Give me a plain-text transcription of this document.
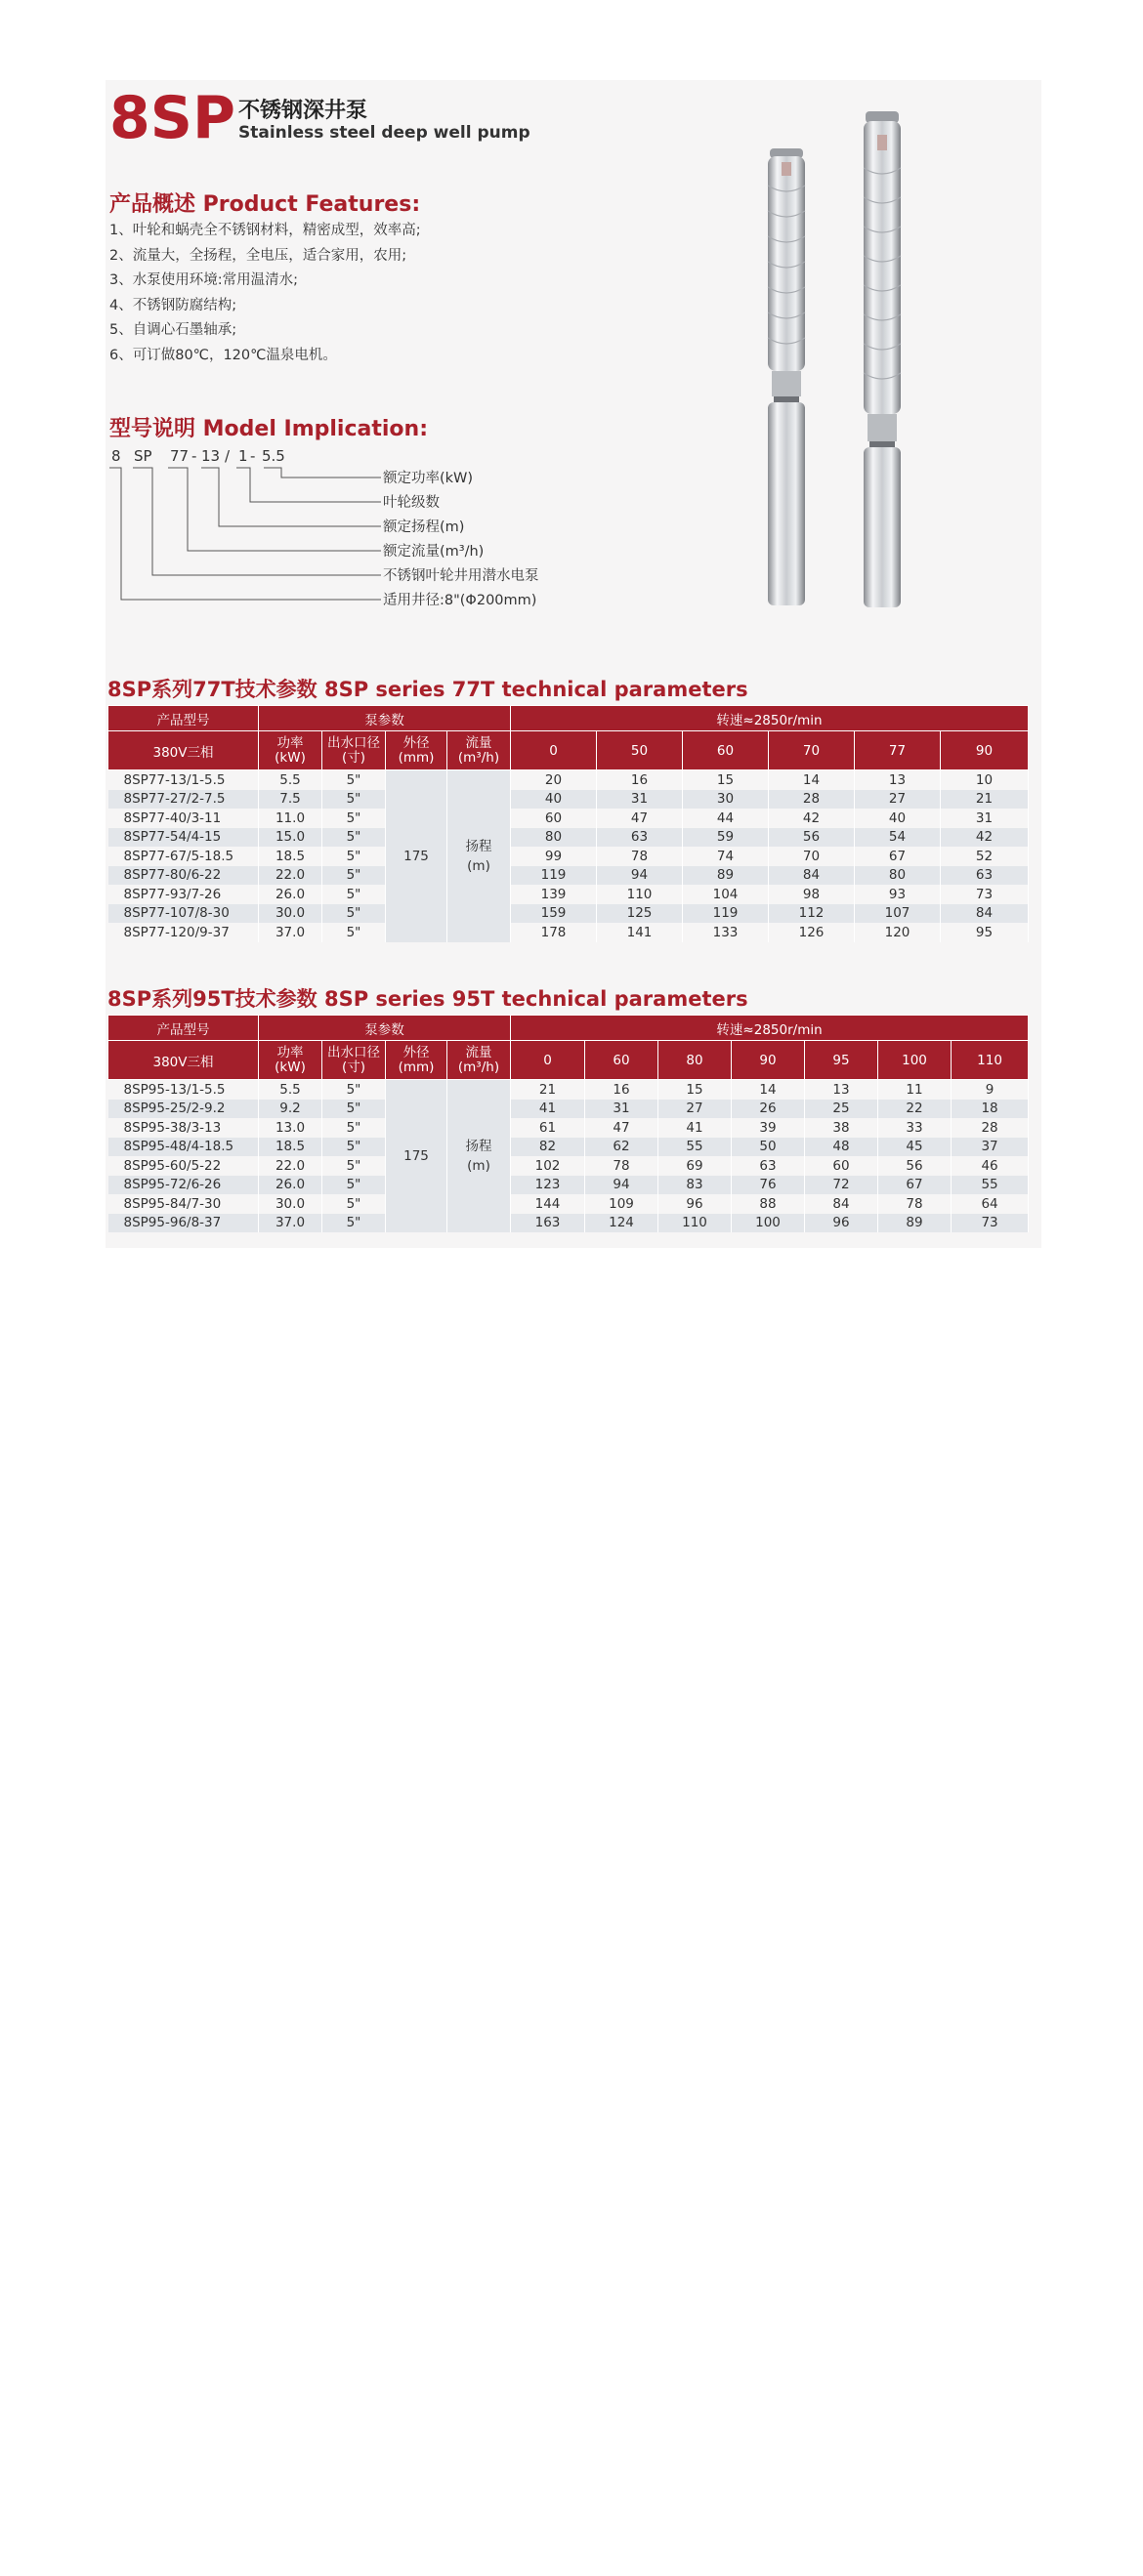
8SP 不锈钢深井泵
Stainless steel deep well pump
产品概述 Product Features:
1、叶轮和蜗壳全不锈钢材料，精密成型，效率高;
2、流量大，全扬程，全电压，适合家用，农用;
3、水泵使用环境:常用温清水;
4、不锈钢防腐结构;
5、自调心石墨轴承;
6、可订做80℃，120℃温泉电机。
型号说明 Model Implication:
8 SP 77 - 13 / 1 - 5.5
额定功率(kW)
叶轮级数
额定扬程(m)
额定流量(m³/h)
不锈钢叶轮井用潜水电泵
适用井径:8"(Φ200mm)
8SP系列77T技术参数 8SP series 77T technical parameters
产品型号	泵参数				转速≈2850r/min					
380V三相	功率
(kW)	出水口径
(寸)	外径
(mm)	流量
(m³/h)	0	50	60	70	77	90
8SP77-13/1-5.5	5.5	5"	175	扬程
(m)	20	16	15	14	13	10
8SP77-27/2-7.5	7.5	5"			40	31	30	28	27	21
8SP77-40/3-11	11.0	5"			60	47	44	42	40	31
8SP77-54/4-15	15.0	5"			80	63	59	56	54	42
8SP77-67/5-18.5	18.5	5"			99	78	74	70	67	52
8SP77-80/6-22	22.0	5"			119	94	89	84	80	63
8SP77-93/7-26	26.0	5"			139	110	104	98	93	73
8SP77-107/8-30	30.0	5"			159	125	119	112	107	84
8SP77-120/9-37	37.0	5"			178	141	133	126	120	95
8SP系列95T技术参数 8SP series 95T technical parameters
产品型号	泵参数				转速≈2850r/min						
380V三相	功率
(kW)	出水口径
(寸)	外径
(mm)	流量
(m³/h)	0	60	80	90	95	100	110
8SP95-13/1-5.5	5.5	5"	175	扬程
(m)	21	16	15	14	13	11	9
8SP95-25/2-9.2	9.2	5"			41	31	27	26	25	22	18
8SP95-38/3-13	13.0	5"			61	47	41	39	38	33	28
8SP95-48/4-18.5	18.5	5"			82	62	55	50	48	45	37
8SP95-60/5-22	22.0	5"			102	78	69	63	60	56	46
8SP95-72/6-26	26.0	5"			123	94	83	76	72	67	55
8SP95-84/7-30	30.0	5"			144	109	96	88	84	78	64
8SP95-96/8-37	37.0	5"			163	124	110	100	96	89	73
